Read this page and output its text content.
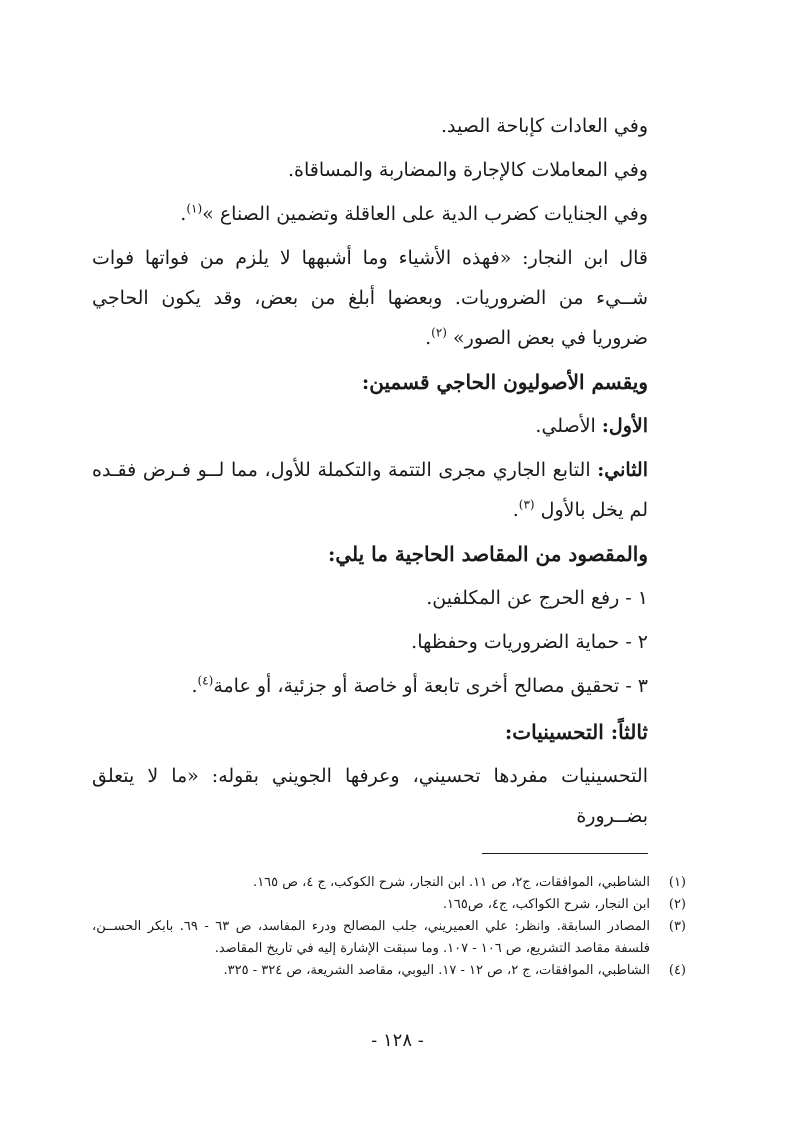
وفي العادات كإباحة الصيد.

وفي المعاملات كالإجارة والمضاربة والمساقاة.

وفي الجنايات كضرب الدية على العاقلة وتضمين الصناع »$^{(١)}$.

قال ابن النجار: «فهذه الأشياء وما أشبهها لا يلزم من فواتها فوات شــيء من الضروريات. وبعضها أبلغ من بعض، وقد يكون الحاجي ضروريا في بعض الصور» $^{(٢)}$.

ويقسم الأصوليون الحاجي قسمين:

الأول: الأصلي.

الثاني: التابع الجاري مجرى التتمة والتكملة للأول، مما لــو فـرض فقـده لم يخل بالأول $^{(٣)}$.

والمقصود من المقاصد الحاجية ما يلي:

١ - رفع الحرج عن المكلفين.

٢ - حماية الضروريات وحفظها.

٣ - تحقيق مصالح أخرى تابعة أو خاصة أو جزئية، أو عامة$^{(٤)}$.

ثالثاً: التحسينيات:

التحسينيات مفردها تحسيني، وعرفها الجويني بقوله: «ما لا يتعلق بضــرورة

(١)
الشاطبي، الموافقات، ج٢، ص ١١. ابن النجار، شرح الكوكب، ج ٤، ص ١٦٥.
(٢)
ابن النجار، شرح الكواكب، ج٤، ص١٦٥.
(٣)
المصادر السابقة. وانظر: علي العميريني، جلب المصالح ودرء المفاسد، ص ٦٣ - ٦٩. بابكر الحســن، فلسفة مقاصد التشريع، ص ١٠٦ - ١٠٧. وما سبقت الإشارة إليه في تاريخ المقاصد.
(٤)
الشاطبي، الموافقات، ج ٢، ص ١٢ - ١٧. اليوبي، مقاصد الشريعة، ص ٣٢٤ - ٣٢٥.
- ١٢٨ -
